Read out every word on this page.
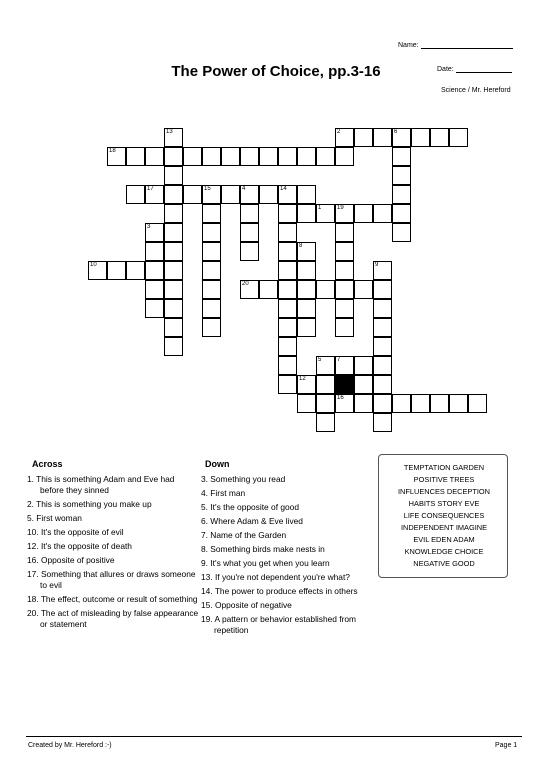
Name:
Date:
The Power of Choice, pp.3-16
Science / Mr. Hereford
13	2	6
18
17	15	4	14
1	19
10
20
12
16
3
8
9
5	7
Across
1. This is something Adam and Eve had before they sinned
2. This is something you make up
5. First woman
10. It's the opposite of evil
12. It's the opposite of death
16. Opposite of positive
17. Something that allures or draws someone to evil
18. The effect, outcome or result of something
20. The act of misleading by false appearance or statement
Down
3. Something you read
4. First man
5. It's the opposite of good
6. Where Adam & Eve lived
7. Name of the Garden
8. Something birds make nests in
9. It's what you get when you learn
13. If you're not dependent you're what?
14. The power to produce effects in others
15. Opposite of negative
19. A pattern or behavior established from repetition
TEMPTATION GARDEN
POSITIVE TREES
INFLUENCES DECEPTION
HABITS STORY EVE
LIFE CONSEQUENCES
INDEPENDENT IMAGINE
EVIL EDEN ADAM
KNOWLEDGE CHOICE
NEGATIVE GOOD
Created by Mr. Hereford :-)	Page 1
